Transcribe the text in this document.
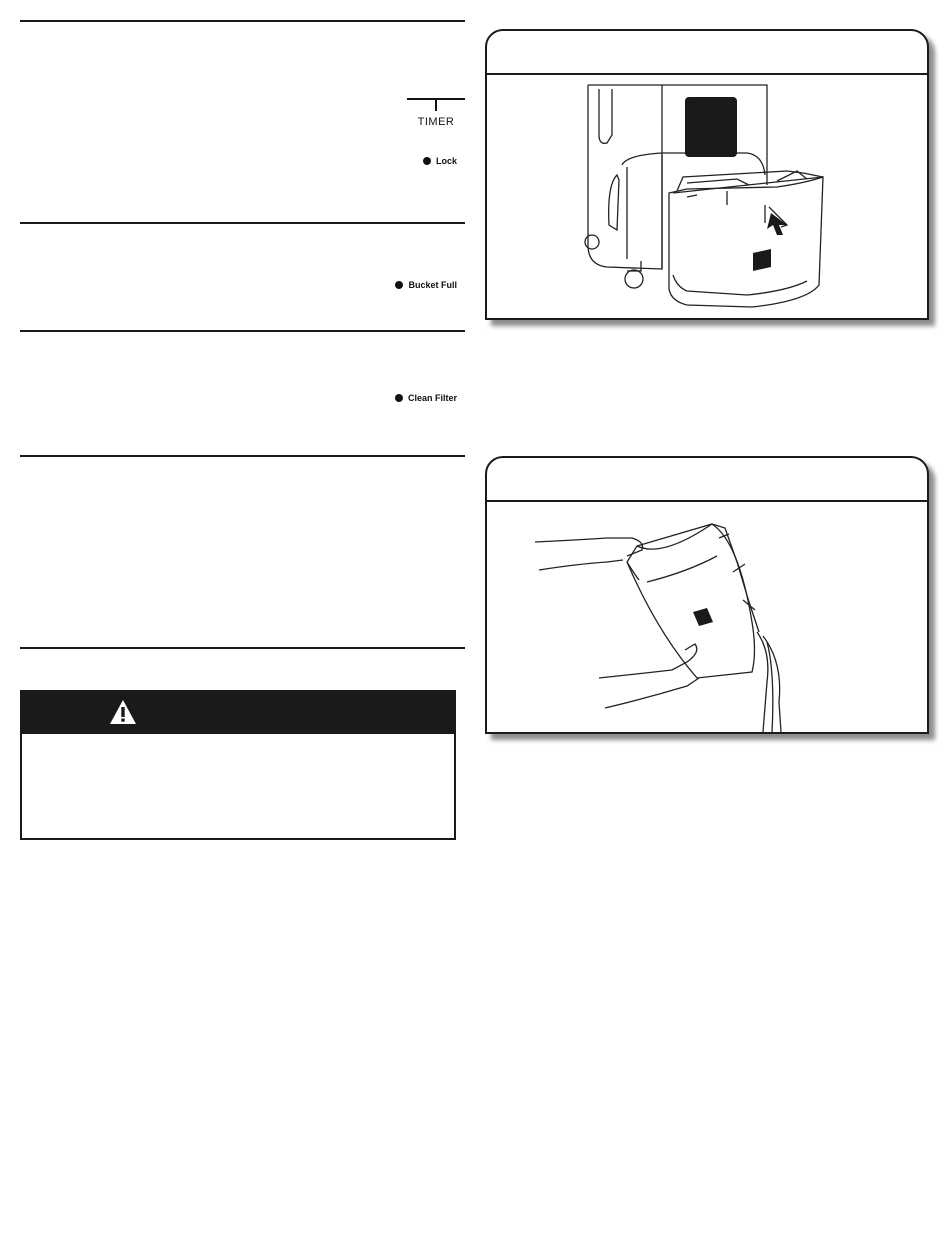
TIMER
Lock
Bucket Full
Clean Filter
